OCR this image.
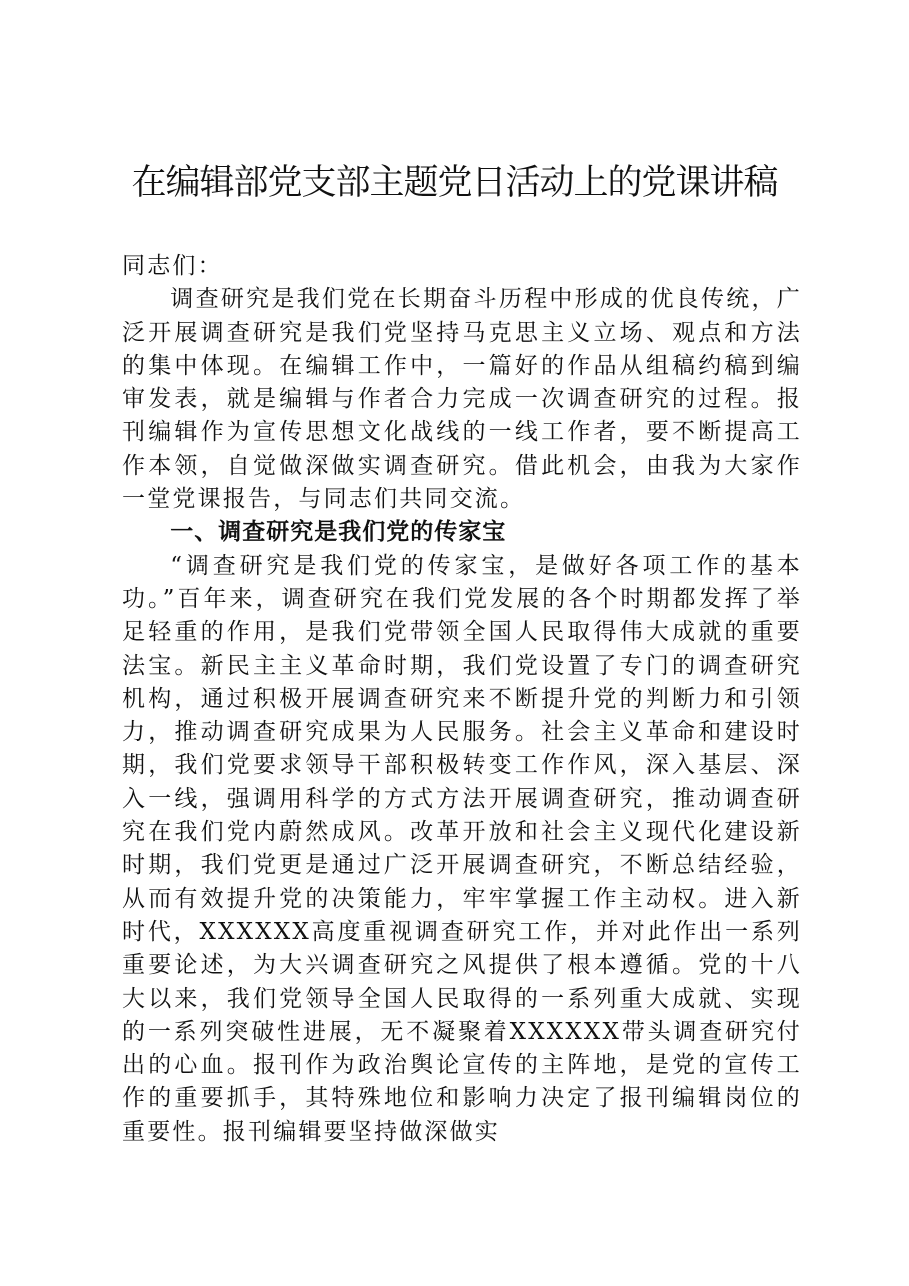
在编辑部党支部主题党日活动上的党课讲稿

同志们：

调查研究是我们党在长期奋斗历程中形成的优良传统，广泛开展调查研究是我们党坚持马克思主义立场、观点和方法的集中体现。在编辑工作中，一篇好的作品从组稿约稿到编审发表，就是编辑与作者合力完成一次调查研究的过程。报刊编辑作为宣传思想文化战线的一线工作者，要不断提高工作本领，自觉做深做实调查研究。借此机会，由我为大家作一堂党课报告，与同志们共同交流。

一、调查研究是我们党的传家宝

“调查研究是我们党的传家宝，是做好各项工作的基本功。”百年来，调查研究在我们党发展的各个时期都发挥了举足轻重的作用，是我们党带领全国人民取得伟大成就的重要法宝。新民主主义革命时期，我们党设置了专门的调查研究机构，通过积极开展调查研究来不断提升党的判断力和引领力，推动调查研究成果为人民服务。社会主义革命和建设时期，我们党要求领导干部积极转变工作作风，深入基层、深入一线，强调用科学的方式方法开展调查研究，推动调查研究在我们党内蔚然成风。改革开放和社会主义现代化建设新时期，我们党更是通过广泛开展调查研究，不断总结经验，从而有效提升党的决策能力，牢牢掌握工作主动权。进入新时代，XXXXXX高度重视调查研究工作，并对此作出一系列重要论述，为大兴调查研究之风提供了根本遵循。党的十八大以来，我们党领导全国人民取得的一系列重大成就、实现的一系列突破性进展，无不凝聚着XXXXXX带头调查研究付出的心血。报刊作为政治舆论宣传的主阵地，是党的宣传工作的重要抓手，其特殊地位和影响力决定了报刊编辑岗位的重要性。报刊编辑要坚持做深做实
